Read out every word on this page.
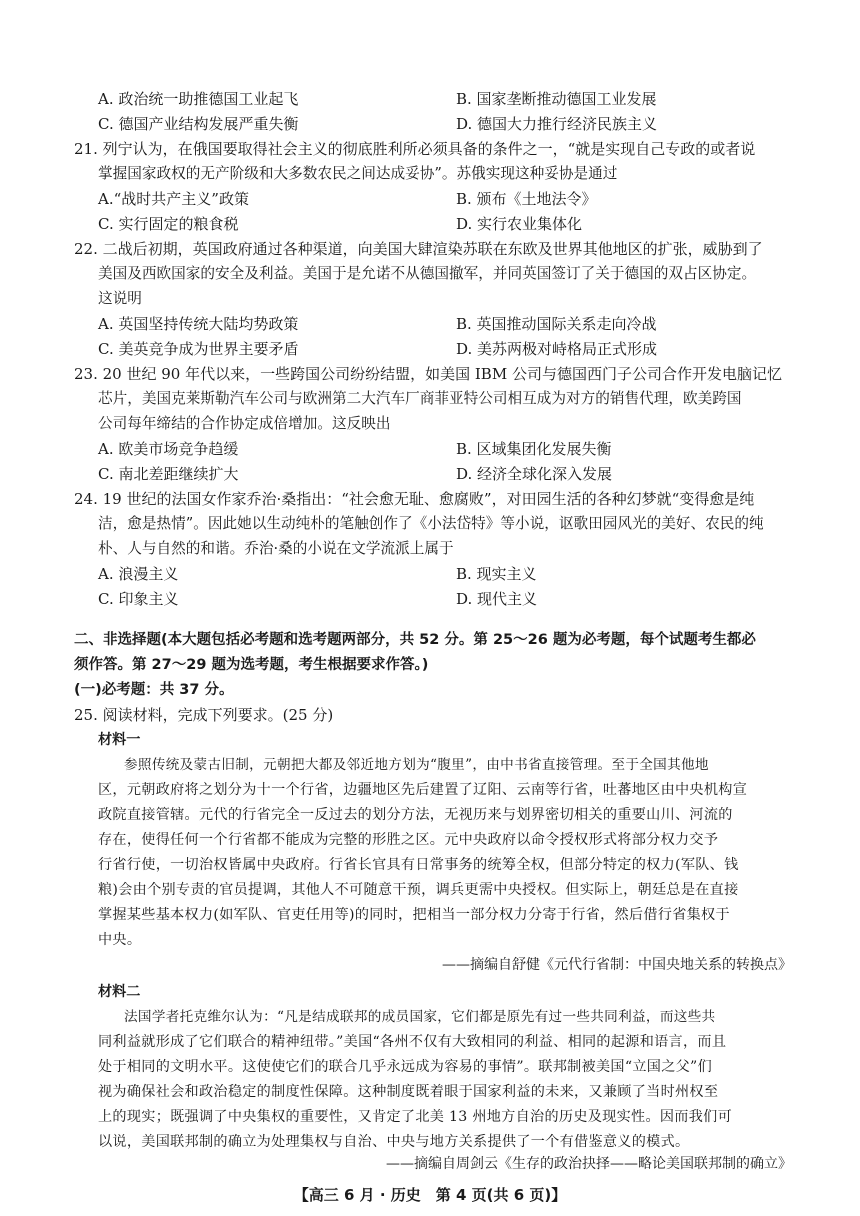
A. 政治统一助推德国工业起飞	B. 国家垄断推动德国工业发展
C. 德国产业结构发展严重失衡	D. 德国大力推行经济民族主义
21. 列宁认为，在俄国要取得社会主义的彻底胜利所必须具备的条件之一，“就是实现自己专政的或者说
掌握国家政权的无产阶级和大多数农民之间达成妥协”。苏俄实现这种妥协是通过
A.“战时共产主义”政策	B. 颁布《土地法令》
C. 实行固定的粮食税	D. 实行农业集体化
22. 二战后初期，英国政府通过各种渠道，向美国大肆渲染苏联在东欧及世界其他地区的扩张，威胁到了
美国及西欧国家的安全及利益。美国于是允诺不从德国撤军，并同英国签订了关于德国的双占区协定。
这说明
A. 英国坚持传统大陆均势政策	B. 英国推动国际关系走向冷战
C. 美英竞争成为世界主要矛盾	D. 美苏两极对峙格局正式形成
23. 20 世纪 90 年代以来，一些跨国公司纷纷结盟，如美国 IBM 公司与德国西门子公司合作开发电脑记忆
芯片，美国克莱斯勒汽车公司与欧洲第二大汽车厂商菲亚特公司相互成为对方的销售代理，欧美跨国
公司每年缔结的合作协定成倍增加。这反映出
A. 欧美市场竞争趋缓	B. 区域集团化发展失衡
C. 南北差距继续扩大	D. 经济全球化深入发展
24. 19 世纪的法国女作家乔治·桑指出：“社会愈无耻、愈腐败”，对田园生活的各种幻梦就“变得愈是纯
洁，愈是热情”。因此她以生动纯朴的笔触创作了《小法岱特》等小说，讴歌田园风光的美好、农民的纯
朴、人与自然的和谐。乔治·桑的小说在文学流派上属于
A. 浪漫主义	B. 现实主义
C. 印象主义	D. 现代主义
二、非选择题(本大题包括必考题和选考题两部分，共 52 分。第 25～26 题为必考题，每个试题考生都必
须作答。第 27～29 题为选考题，考生根据要求作答。)
(一)必考题：共 37 分。
25. 阅读材料，完成下列要求。(25 分)
材料一
参照传统及蒙古旧制，元朝把大都及邻近地方划为“腹里”，由中书省直接管理。至于全国其他地
区，元朝政府将之划分为十一个行省，边疆地区先后建置了辽阳、云南等行省，吐蕃地区由中央机构宣
政院直接管辖。元代的行省完全一反过去的划分方法，无视历来与划界密切相关的重要山川、河流的
存在，使得任何一个行省都不能成为完整的形胜之区。元中央政府以命令授权形式将部分权力交予
行省行使，一切治权皆属中央政府。行省长官具有日常事务的统筹全权，但部分特定的权力(军队、钱
粮)会由个别专责的官员提调，其他人不可随意干预，调兵更需中央授权。但实际上，朝廷总是在直接
掌握某些基本权力(如军队、官吏任用等)的同时，把相当一部分权力分寄于行省，然后借行省集权于
中央。
——摘编自舒健《元代行省制：中国央地关系的转换点》
材料二
法国学者托克维尔认为：“凡是结成联邦的成员国家，它们都是原先有过一些共同利益，而这些共
同利益就形成了它们联合的精神纽带。”美国“各州不仅有大致相同的利益、相同的起源和语言，而且
处于相同的文明水平。这使使它们的联合几乎永远成为容易的事情”。联邦制被美国“立国之父”们
视为确保社会和政治稳定的制度性保障。这种制度既着眼于国家利益的未来，又兼顾了当时州权至
上的现实；既强调了中央集权的重要性，又肯定了北美 13 州地方自治的历史及现实性。因而我们可
以说，美国联邦制的确立为处理集权与自治、中央与地方关系提供了一个有借鉴意义的模式。
——摘编自周剑云《生存的政治抉择——略论美国联邦制的确立》
【高三 6 月 · 历史　第 4 页(共 6 页)】
